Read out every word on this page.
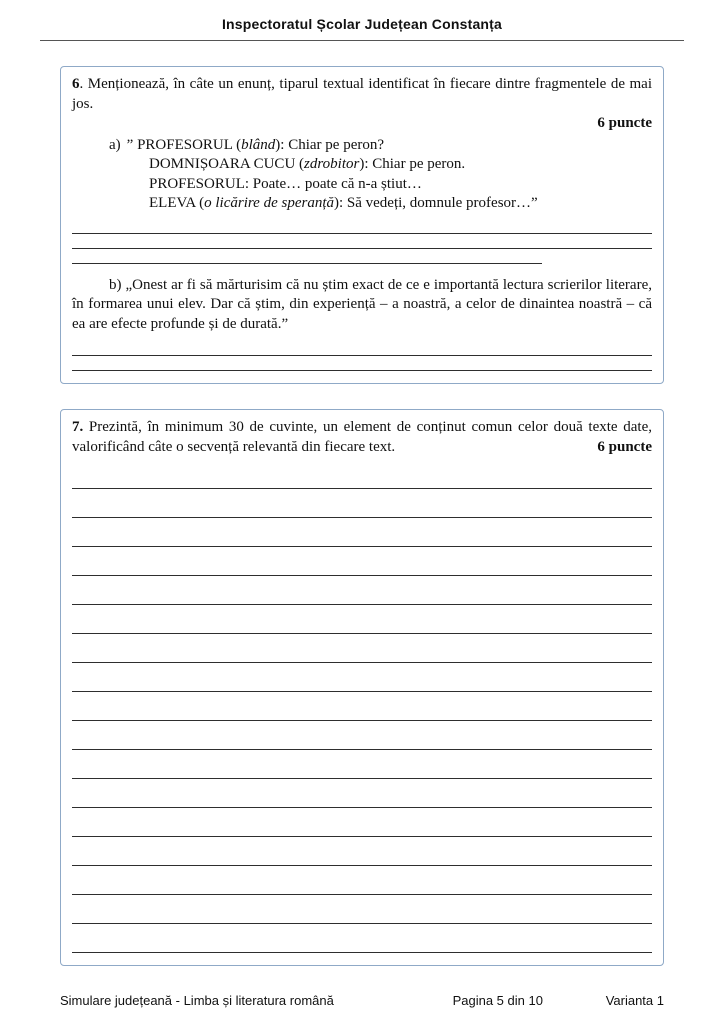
Inspectoratul Școlar Județean Constanța

6. Menționează, în câte un enunț, tiparul textual identificat în fiecare dintre fragmentele de mai jos.

6 puncte

a) ” PROFESORUL (blând): Chiar pe peron?
DOMNIȘOARA CUCU (zdrobitor): Chiar pe peron.
PROFESORUL: Poate… poate că n-a știut…
ELEVA (o licărire de speranță): Să vedeți, domnule profesor…”

b) „Onest ar fi să mărturisim că nu știm exact de ce e importantă lectura scrierilor literare, în formarea unui elev. Dar că știm, din experiență – a noastră, a celor de dinaintea noastră – că ea are efecte profunde și de durată.”

7. Prezintă, în minimum 30 de cuvinte, un element de conținut comun celor două texte date, valorificând câte o secvență relevantă din fiecare text.	6 puncte

Simulare județeană - Limba și literatura română	Pagina 5 din 10	Varianta 1
